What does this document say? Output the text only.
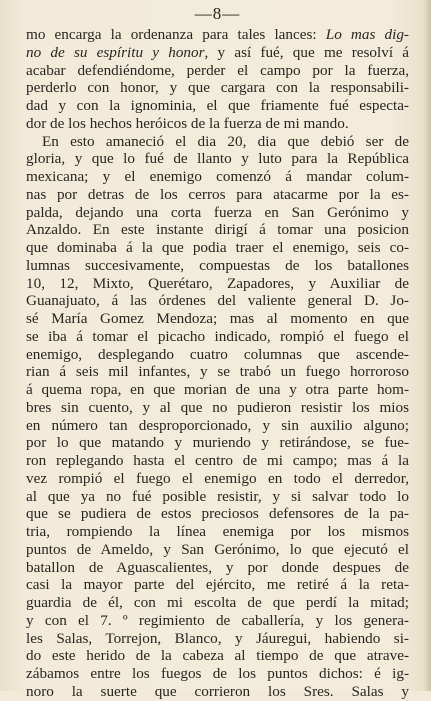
—8—
mo encarga la ordenanza para tales lances: Lo mas dig-
no de su espíritu y honor, y así fué, que me resolví á
acabar defendiéndome, perder el campo por la fuerza,
perderlo con honor, y que cargara con la responsabili-
dad y con la ignominia, el que friamente fué especta-
dor de los hechos heróicos de la fuerza de mi mando.
En esto amaneció el dia 20, dia que debió ser de
gloria, y que lo fué de llanto y luto para la República
mexicana; y el enemigo comenzó á mandar colum-
nas por detras de los cerros para atacarme por la es-
palda, dejando una corta fuerza en San Gerónimo y
Anzaldo. En este instante dirigí á tomar una posicion
que dominaba á la que podia traer el enemigo, seis co-
lumnas succesivamente, compuestas de los batallones
10, 12, Mixto, Querétaro, Zapadores, y Auxiliar de
Guanajuato, á las órdenes del valiente general D. Jo-
sé María Gomez Mendoza; mas al momento en que
se iba á tomar el picacho indicado, rompió el fuego el
enemigo, desplegando cuatro columnas que ascende-
rian á seis mil infantes, y se trabó un fuego horroroso
á quema ropa, en que morian de una y otra parte hom-
bres sin cuento, y al que no pudieron resistir los mios
en número tan desproporcionado, y sin auxilio alguno;
por lo que matando y muriendo y retirándose, se fue-
ron replegando hasta el centro de mi campo; mas á la
vez rompió el fuego el enemigo en todo el derredor,
al que ya no fué posible resistir, y si salvar todo lo
que se pudiera de estos preciosos defensores de la pa-
tria, rompiendo la línea enemiga por los mismos
puntos de Ameldo, y San Gerónimo, lo que ejecutó el
batallon de Aguascalientes, y por donde despues de
casi la mayor parte del ejército, me retiré á la reta-
guardia de él, con mi escolta de que perdí la mitad;
y con el 7. º regimiento de caballería, y los genera-
les Salas, Torrejon, Blanco, y Jáuregui, habiendo si-
do este herido de la cabeza al tiempo de que atrave-
zábamos entre los fuegos de los puntos dichos: é ig-
noro la suerte que corrieron los Sres. Salas y
